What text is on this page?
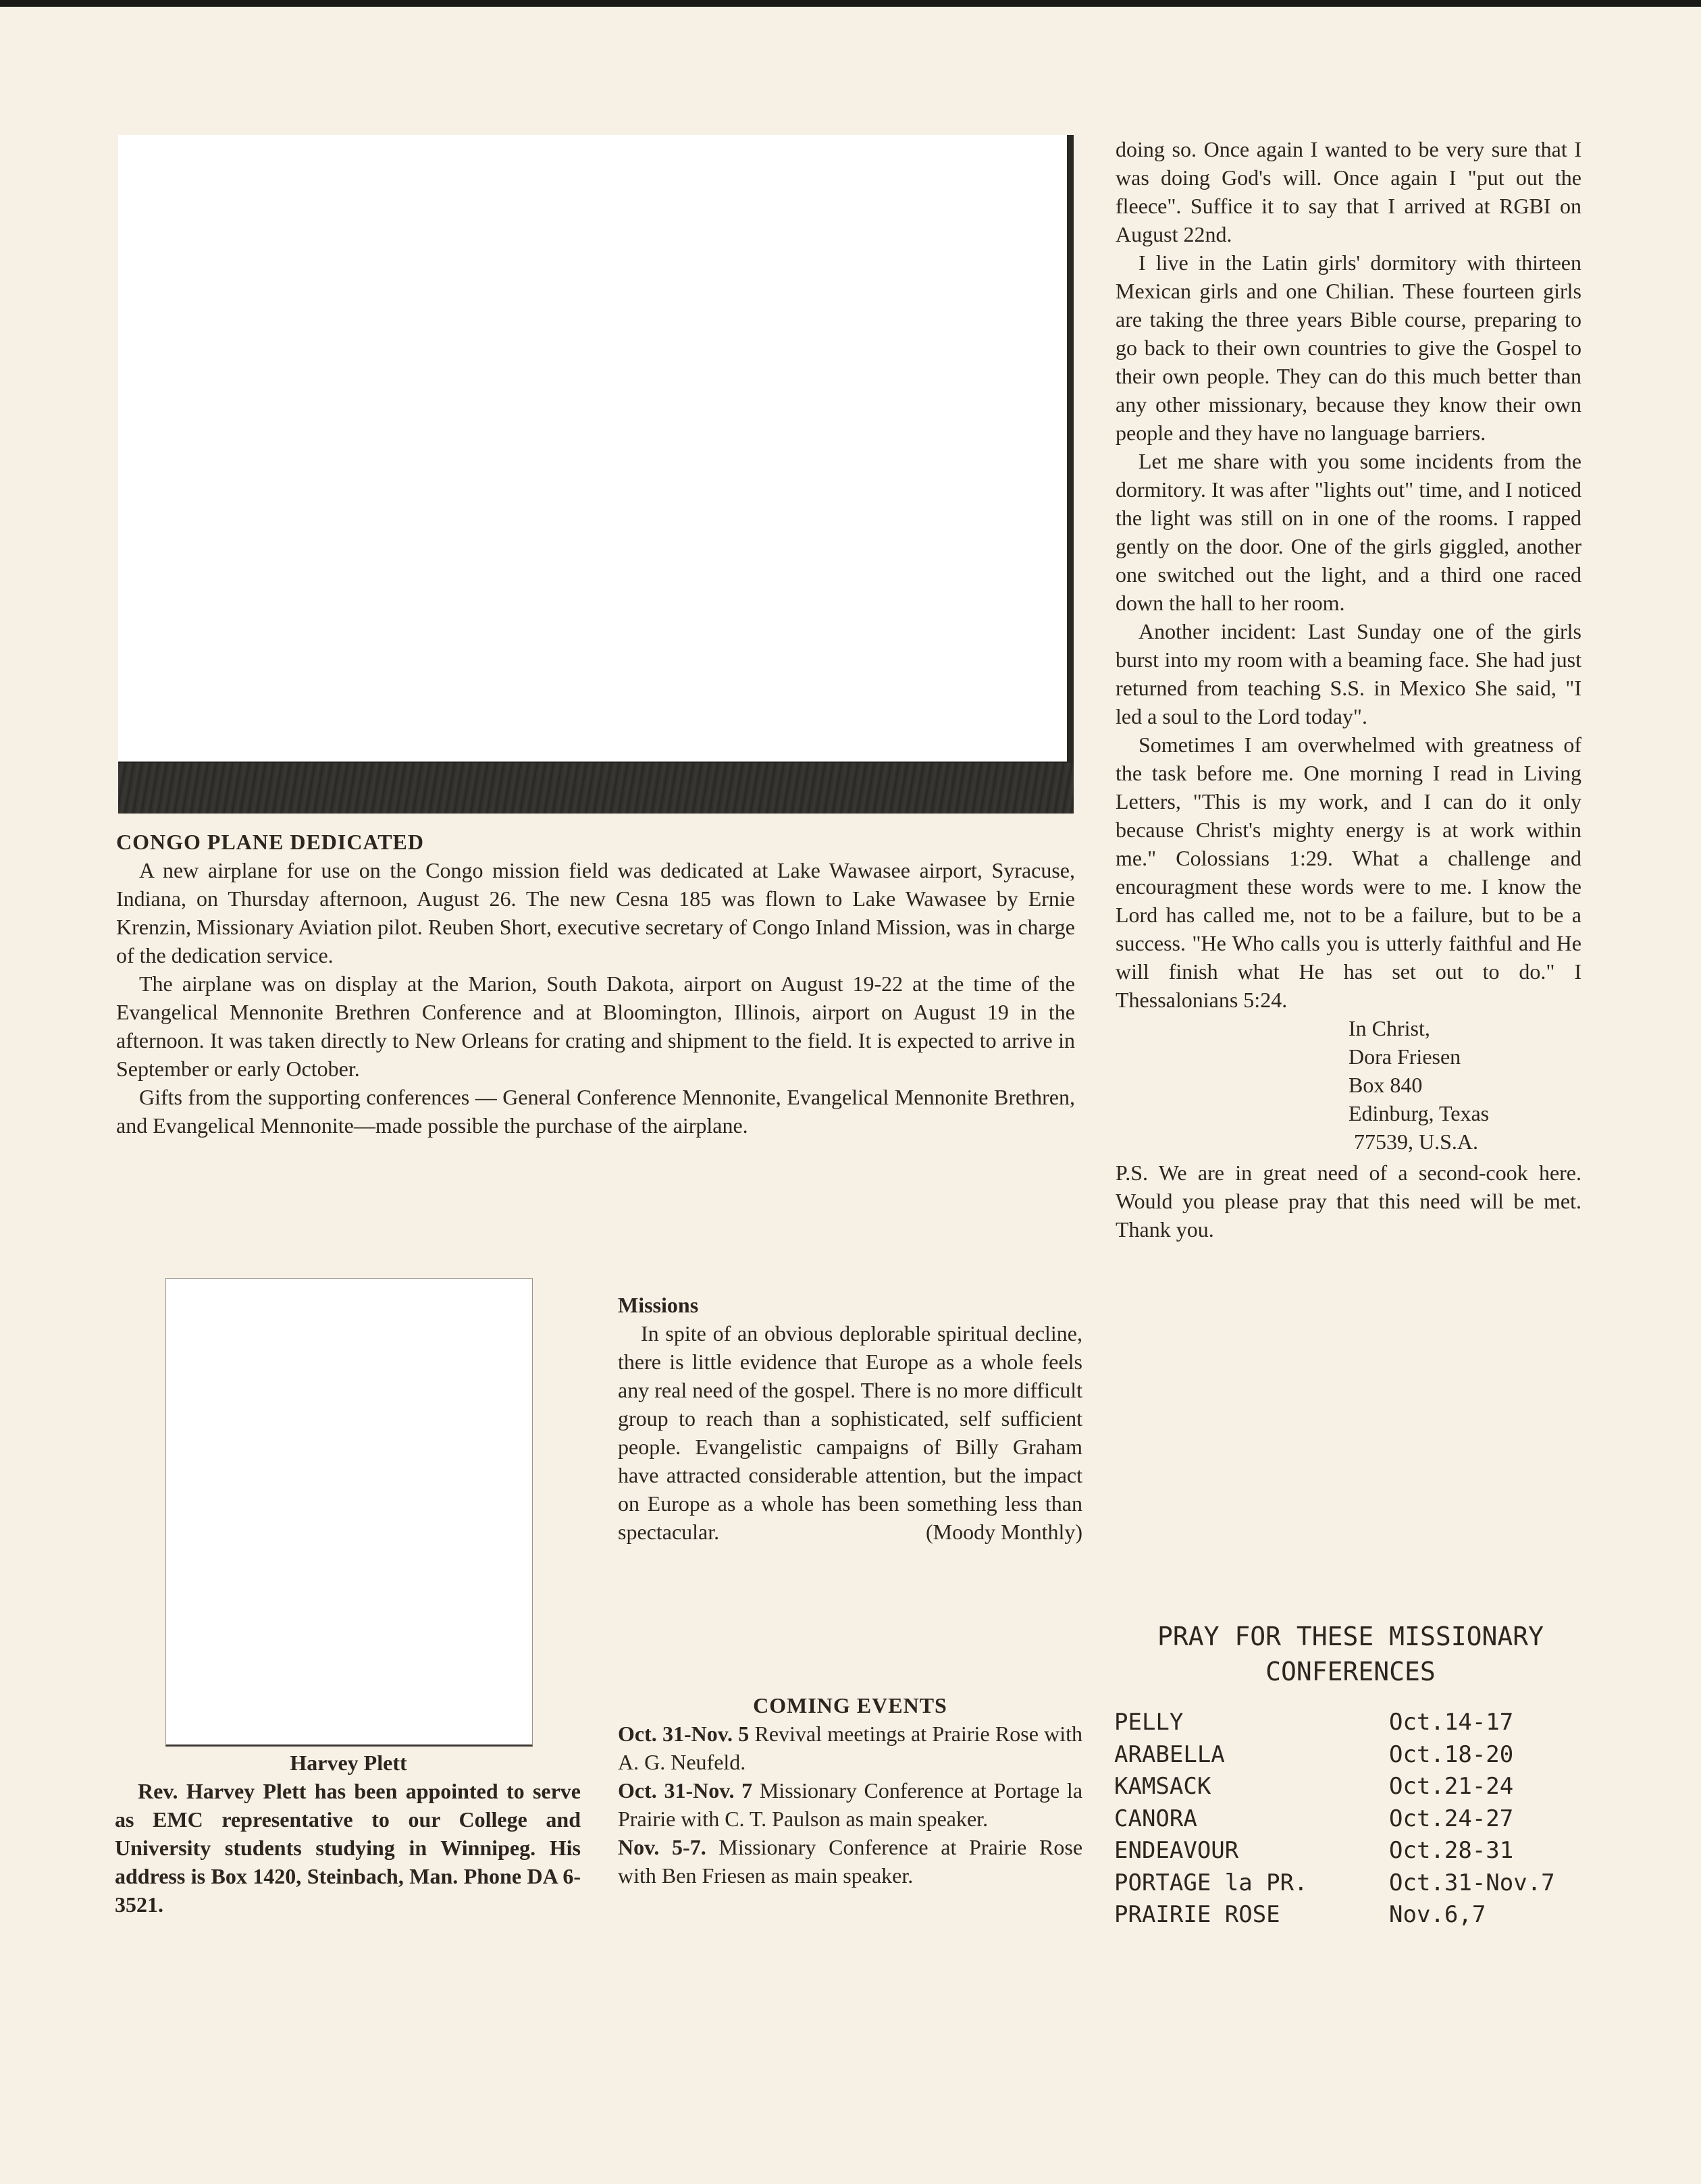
CONGO PLANE DEDICATED

A new airplane for use on the Congo mission field was dedicated at Lake Wawasee airport, Syracuse, Indiana, on Thursday afternoon, August 26. The new Cesna 185 was flown to Lake Wawasee by Ernie Krenzin, Missionary Aviation pilot. Reuben Short, executive secretary of Congo Inland Mission, was in charge of the dedication service.

The airplane was on display at the Marion, South Dakota, airport on August 19-22 at the time of the Evangelical Mennonite Brethren Conference and at Bloomington, Illinois, airport on August 19 in the afternoon. It was taken directly to New Orleans for crating and shipment to the field. It is expected to arrive in September or early October.

Gifts from the supporting conferences — General Conference Mennonite, Evangelical Mennonite Brethren, and Evangelical Mennonite—made possible the purchase of the airplane.

doing so. Once again I wanted to be very sure that I was doing God's will. Once again I "put out the fleece". Suffice it to say that I arrived at RGBI on August 22nd.

I live in the Latin girls' dormitory with thirteen Mexican girls and one Chilian. These fourteen girls are taking the three years Bible course, preparing to go back to their own countries to give the Gospel to their own people. They can do this much better than any other missionary, because they know their own people and they have no language barriers.

Let me share with you some incidents from the dormitory. It was after "lights out" time, and I noticed the light was still on in one of the rooms. I rapped gently on the door. One of the girls giggled, another one switched out the light, and a third one raced down the hall to her room.

Another incident: Last Sunday one of the girls burst into my room with a beaming face. She had just returned from teaching S.S. in Mexico She said, "I led a soul to the Lord today".

Sometimes I am overwhelmed with greatness of the task before me. One morning I read in Living Letters, "This is my work, and I can do it only because Christ's mighty energy is at work within me." Colossians 1:29. What a challenge and encouragment these words were to me. I know the Lord has called me, not to be a failure, but to be a success. "He Who calls you is utterly faithful and He will finish what He has set out to do." I Thessalonians 5:24.

In Christ,

Dora Friesen

Box 840

Edinburg, Texas

77539, U.S.A.

P.S. We are in great need of a second-cook here. Would you please pray that this need will be met. Thank you.

Harvey Plett

Rev. Harvey Plett has been appointed to serve as EMC representative to our College and University students studying in Winnipeg. His address is Box 1420, Steinbach, Man. Phone DA 6-3521.

Missions

In spite of an obvious deplorable spiritual decline, there is little evidence that Europe as a whole feels any real need of the gospel. There is no more difficult group to reach than a sophisticated, self sufficient people. Evangelistic campaigns of Billy Graham have attracted considerable attention, but the impact on Europe as a whole has been something less than spectacular.	(Moody Monthly)

COMING EVENTS

Oct. 31-Nov. 5 Revival meetings at Prairie Rose with A. G. Neufeld.

Oct. 31-Nov. 7 Missionary Conference at Portage la Prairie with C. T. Paulson as main speaker.

Nov. 5-7. Missionary Conference at Prairie Rose with Ben Friesen as main speaker.

PRAY FOR THESE MISSIONARY
CONFERENCES
PELLY	Oct.14-17
ARABELLA	Oct.18-20
KAMSACK	Oct.21-24
CANORA	Oct.24-27
ENDEAVOUR	Oct.28-31
PORTAGE la PR.	Oct.31-Nov.7
PRAIRIE ROSE	Nov.6,7
